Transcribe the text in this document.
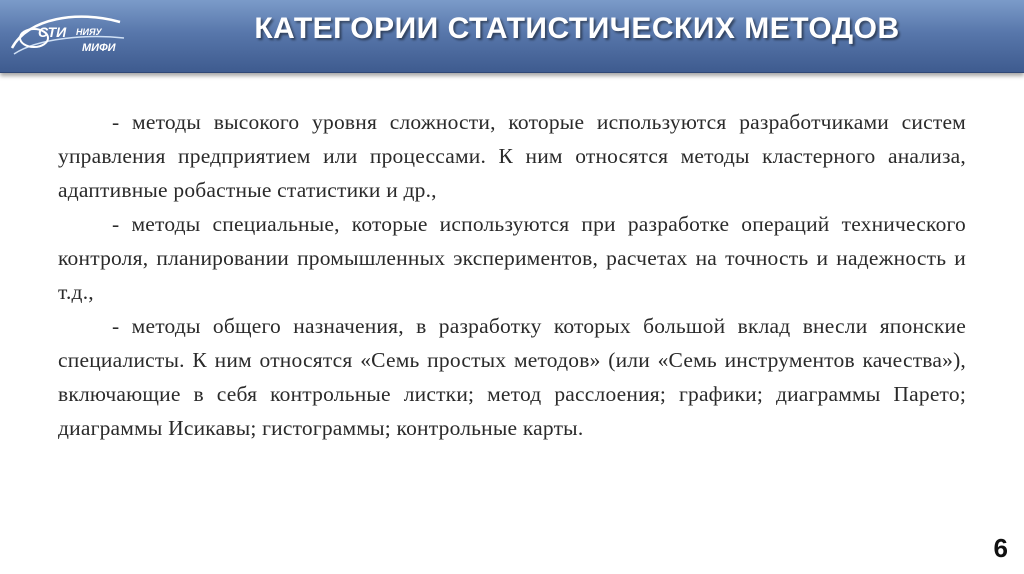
СТИ НИЯУ
МИФИ
КАТЕГОРИИ СТАТИСТИЧЕСКИХ МЕТОДОВ

- методы высокого уровня сложности, которые используются разработчиками систем управления предприятием или процессами. К ним относятся методы кластерного анализа, адаптивные робастные статистики и др.,

- методы специальные, которые используются при разработке операций технического контроля, планировании промышленных экспериментов, расчетах на точность и надежность и т.д.,

- методы общего назначения, в разработку которых большой вклад внесли японские специалисты. К ним относятся «Семь простых методов» (или «Семь инструментов качества»), включающие в себя контрольные листки; метод расслоения; графики; диаграммы Парето; диаграммы Исикавы; гистограммы; контрольные карты.

6
